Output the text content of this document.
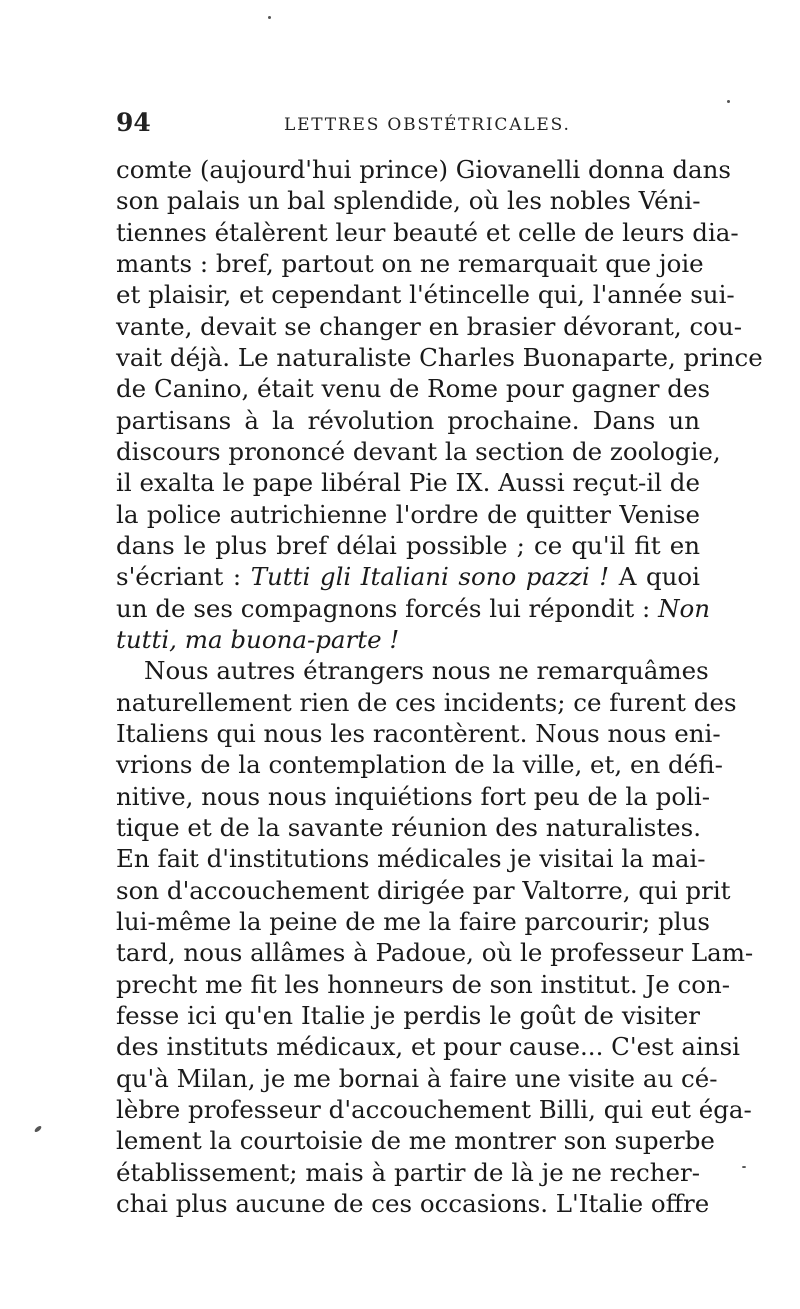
94	LETTRES OBSTÉTRICALES.
comte (aujourd'hui prince) Giovanelli donna dans
son palais un bal splendide, où les nobles Véni-
tiennes étalèrent leur beauté et celle de leurs dia-
mants : bref, partout on ne remarquait que joie
et plaisir, et cependant l'étincelle qui, l'année sui-
vante, devait se changer en brasier dévorant, cou-
vait déjà. Le naturaliste Charles Buonaparte, prince
de Canino, était venu de Rome pour gagner des
partisans à la révolution prochaine. Dans un
discours prononcé devant la section de zoologie,
il exalta le pape libéral Pie IX. Aussi reçut-il de
la police autrichienne l'ordre de quitter Venise
dans le plus bref délai possible ; ce qu'il fit en
s'écriant : Tutti gli Italiani sono pazzi ! A quoi
un de ses compagnons forcés lui répondit : Non
tutti, ma buona-parte !
Nous autres étrangers nous ne remarquâmes
naturellement rien de ces incidents; ce furent des
Italiens qui nous les racontèrent. Nous nous eni-
vrions de la contemplation de la ville, et, en défi-
nitive, nous nous inquiétions fort peu de la poli-
tique et de la savante réunion des naturalistes.
En fait d'institutions médicales je visitai la mai-
son d'accouchement dirigée par Valtorre, qui prit
lui-même la peine de me la faire parcourir; plus
tard, nous allâmes à Padoue, où le professeur Lam-
precht me fit les honneurs de son institut. Je con-
fesse ici qu'en Italie je perdis le goût de visiter
des instituts médicaux, et pour cause... C'est ainsi
qu'à Milan, je me bornai à faire une visite au cé-
lèbre professeur d'accouchement Billi, qui eut éga-
lement la courtoisie de me montrer son superbe
établissement; mais à partir de là je ne recher-
chai plus aucune de ces occasions. L'Italie offre
